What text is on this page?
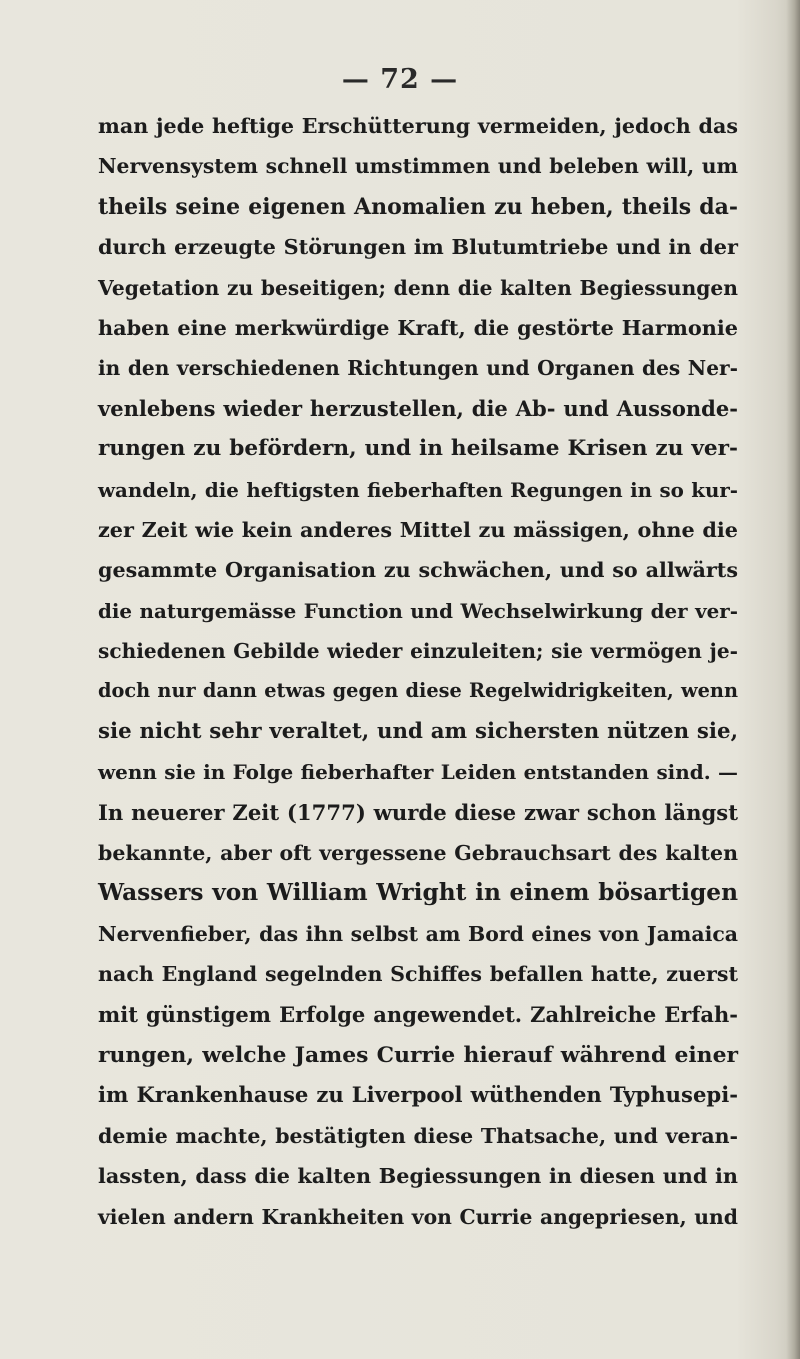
— 72 —
man jede heftige Erschütterung vermeiden, jedoch das
Nervensystem schnell umstimmen und beleben will, um
theils seine eigenen Anomalien zu heben, theils da-
durch erzeugte Störungen im Blutumtriebe und in der
Vegetation zu beseitigen; denn die kalten Begiessungen
haben eine merkwürdige Kraft, die gestörte Harmonie
in den verschiedenen Richtungen und Organen des Ner-
venlebens wieder herzustellen, die Ab- und Aussonde-
rungen zu befördern, und in heilsame Krisen zu ver-
wandeln, die heftigsten fieberhaften Regungen in so kur-
zer Zeit wie kein anderes Mittel zu mässigen, ohne die
gesammte Organisation zu schwächen, und so allwärts
die naturgemässe Function und Wechselwirkung der ver-
schiedenen Gebilde wieder einzuleiten; sie vermögen je-
doch nur dann etwas gegen diese Regelwidrigkeiten, wenn
sie nicht sehr veraltet, und am sichersten nützen sie,
wenn sie in Folge fieberhafter Leiden entstanden sind. —
In neuerer Zeit (1777) wurde diese zwar schon längst
bekannte, aber oft vergessene Gebrauchsart des kalten
Wassers von William Wright in einem bösartigen
Nervenfieber, das ihn selbst am Bord eines von Jamaica
nach England segelnden Schiffes befallen hatte, zuerst
mit günstigem Erfolge angewendet. Zahlreiche Erfah-
rungen, welche James Currie hierauf während einer
im Krankenhause zu Liverpool wüthenden Typhusepi-
demie machte, bestätigten diese Thatsache, und veran-
lassten, dass die kalten Begiessungen in diesen und in
vielen andern Krankheiten von Currie angepriesen, und
